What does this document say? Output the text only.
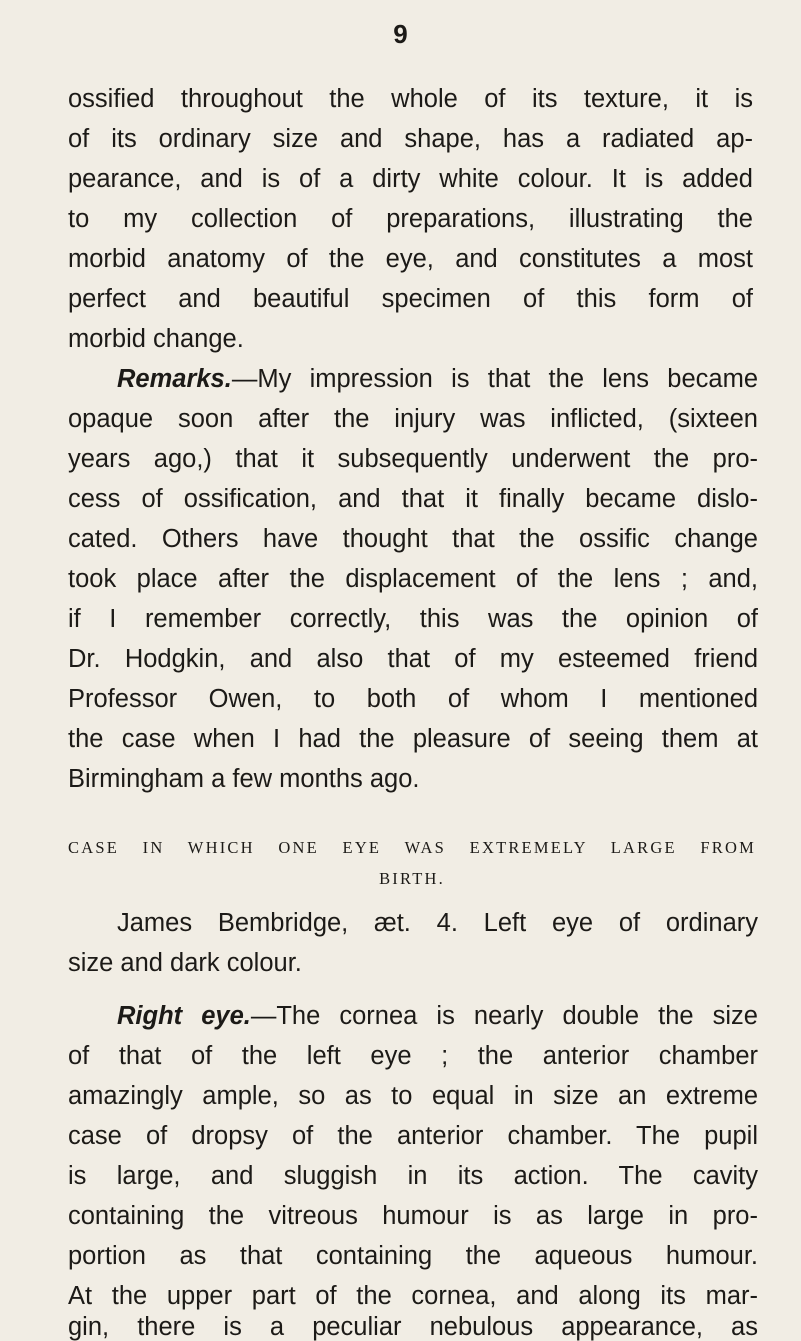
9
ossified throughout the whole of its texture, it is
of its ordinary size and shape, has a radiated ap-
pearance, and is of a dirty white colour. It is added
to my collection of preparations, illustrating the
morbid anatomy of the eye, and constitutes a most
perfect and beautiful specimen of this form of
morbid change.
Remarks.—My impression is that the lens became
opaque soon after the injury was inflicted, (sixteen
years ago,) that it subsequently underwent the pro-
cess of ossification, and that it finally became dislo-
cated. Others have thought that the ossific change
took place after the displacement of the lens ; and,
if I remember correctly, this was the opinion of
Dr. Hodgkin, and also that of my esteemed friend
Professor Owen, to both of whom I mentioned
the case when I had the pleasure of seeing them at
Birmingham a few months ago.
CASE IN WHICH ONE EYE WAS EXTREMELY LARGE FROM
BIRTH.
James Bembridge, æt. 4. Left eye of ordinary
size and dark colour.
Right eye.—The cornea is nearly double the size
of that of the left eye ; the anterior chamber
amazingly ample, so as to equal in size an extreme
case of dropsy of the anterior chamber. The pupil
is large, and sluggish in its action. The cavity
containing the vitreous humour is as large in pro-
portion as that containing the aqueous humour.
At the upper part of the cornea, and along its mar-
gin, there is a peculiar nebulous appearance, as
